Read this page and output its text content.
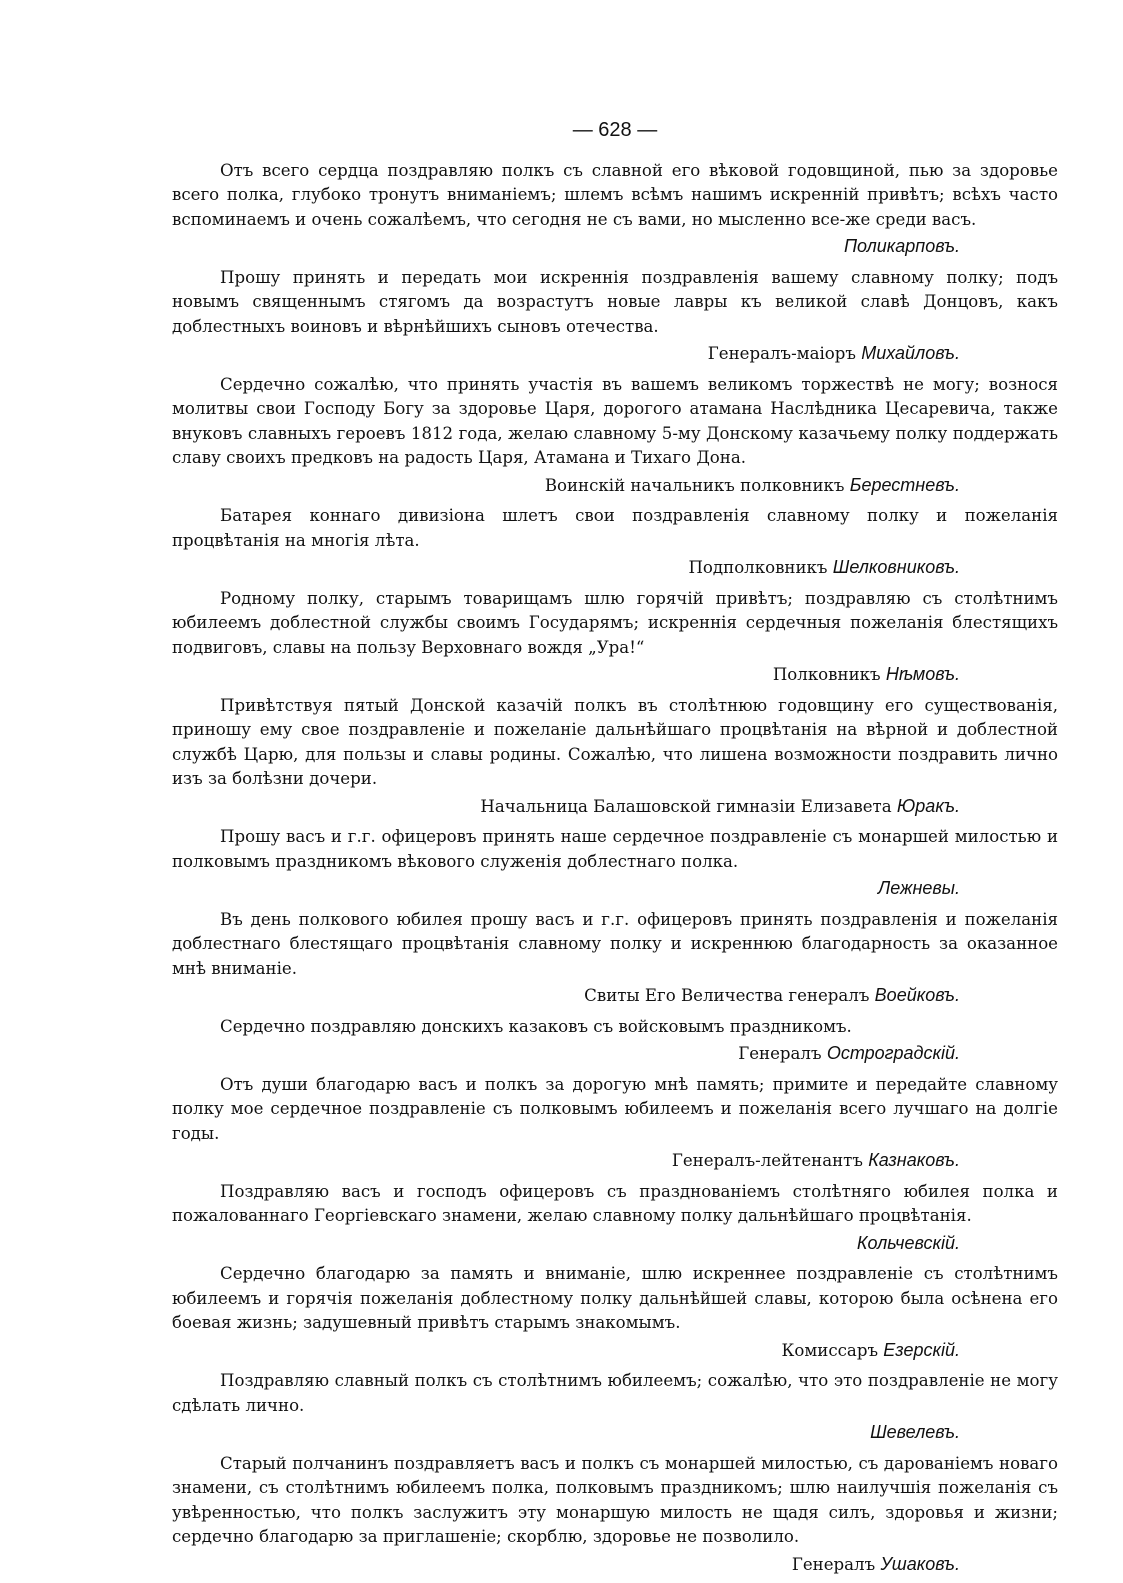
— 628 —
Отъ всего сердца поздравляю полкъ съ славной его вѣковой годовщиной, пью за здоровье всего полка, глубоко тронутъ вниманіемъ; шлемъ всѣмъ нашимъ искренній привѣтъ; всѣхъ часто вспоминаемъ и очень сожалѣемъ, что сегодня не съ вами, но мысленно все-же среди васъ.
Поликарповъ.
Прошу принять и передать мои искреннія поздравленія вашему славному полку; подъ новымъ священнымъ стягомъ да возрастутъ новые лавры къ великой славѣ Донцовъ, какъ доблестныхъ воиновъ и вѣрнѣйшихъ сыновъ отечества.
Генералъ-маіоръ Михайловъ.
Сердечно сожалѣю, что принять участія въ вашемъ великомъ торжествѣ не могу; вознося молитвы свои Господу Богу за здоровье Царя, дорогого атамана Наслѣдника Цесаревича, также внуковъ славныхъ героевъ 1812 года, желаю славному 5-му Донскому казачьему полку поддержать славу своихъ предковъ на радость Царя, Атамана и Тихаго Дона.
Воинскій начальникъ полковникъ Берестневъ.
Батарея коннаго дивизіона шлетъ свои поздравленія славному полку и пожеланія процвѣтанія на многія лѣта.
Подполковникъ Шелковниковъ.
Родному полку, старымъ товарищамъ шлю горячій привѣтъ; поздравляю съ столѣтнимъ юбилеемъ доблестной службы своимъ Государямъ; искреннія сердечныя пожеланія блестящихъ подвиговъ, славы на пользу Верховнаго вождя „Ура!“
Полковникъ Нѣмовъ.
Привѣтствуя пятый Донской казачій полкъ въ столѣтнюю годовщину его существованія, приношу ему свое поздравленіе и пожеланіе дальнѣйшаго процвѣтанія на вѣрной и доблестной службѣ Царю, для пользы и славы родины. Сожалѣю, что лишена возможности поздравить лично изъ за болѣзни дочери.
Начальница Балашовской гимназіи Елизавета Юракъ.
Прошу васъ и г.г. офицеровъ принять наше сердечное поздравленіе съ монаршей милостью и полковымъ праздникомъ вѣкового служенія доблестнаго полка.
Лежневы.
Въ день полкового юбилея прошу васъ и г.г. офицеровъ принять поздравленія и пожеланія доблестнаго блестящаго процвѣтанія славному полку и искреннюю благодарность за оказанное мнѣ вниманіе.
Свиты Его Величества генералъ Воейковъ.
Сердечно поздравляю донскихъ казаковъ съ войсковымъ праздникомъ.
Генералъ Остроградскій.
Отъ души благодарю васъ и полкъ за дорогую мнѣ память; примите и передайте славному полку мое сердечное поздравленіе съ полковымъ юбилеемъ и пожеланія всего лучшаго на долгіе годы.
Генералъ-лейтенантъ Казнаковъ.
Поздравляю васъ и господъ офицеровъ съ празднованіемъ столѣтняго юбилея полка и пожалованнаго Георгіевскаго знамени, желаю славному полку дальнѣйшаго процвѣтанія.
Кольчевскій.
Сердечно благодарю за память и вниманіе, шлю искреннее поздравленіе съ столѣтнимъ юбилеемъ и горячія пожеланія доблестному полку дальнѣйшей славы, которою была осѣнена его боевая жизнь; задушевный привѣтъ старымъ знакомымъ.
Комиссаръ Езерскій.
Поздравляю славный полкъ съ столѣтнимъ юбилеемъ; сожалѣю, что это поздравленіе не могу сдѣлать лично.
Шевелевъ.
Старый полчанинъ поздравляетъ васъ и полкъ съ монаршей милостью, съ дарованіемъ новаго знамени, съ столѣтнимъ юбилеемъ полка, полковымъ праздникомъ; шлю наилучшія пожеланія съ увѣренностью, что полкъ заслужитъ эту монаршую милость не щадя силъ, здоровья и жизни; сердечно благодарю за приглашеніе; скорблю, здоровье не позволило.
Генералъ Ушаковъ.
